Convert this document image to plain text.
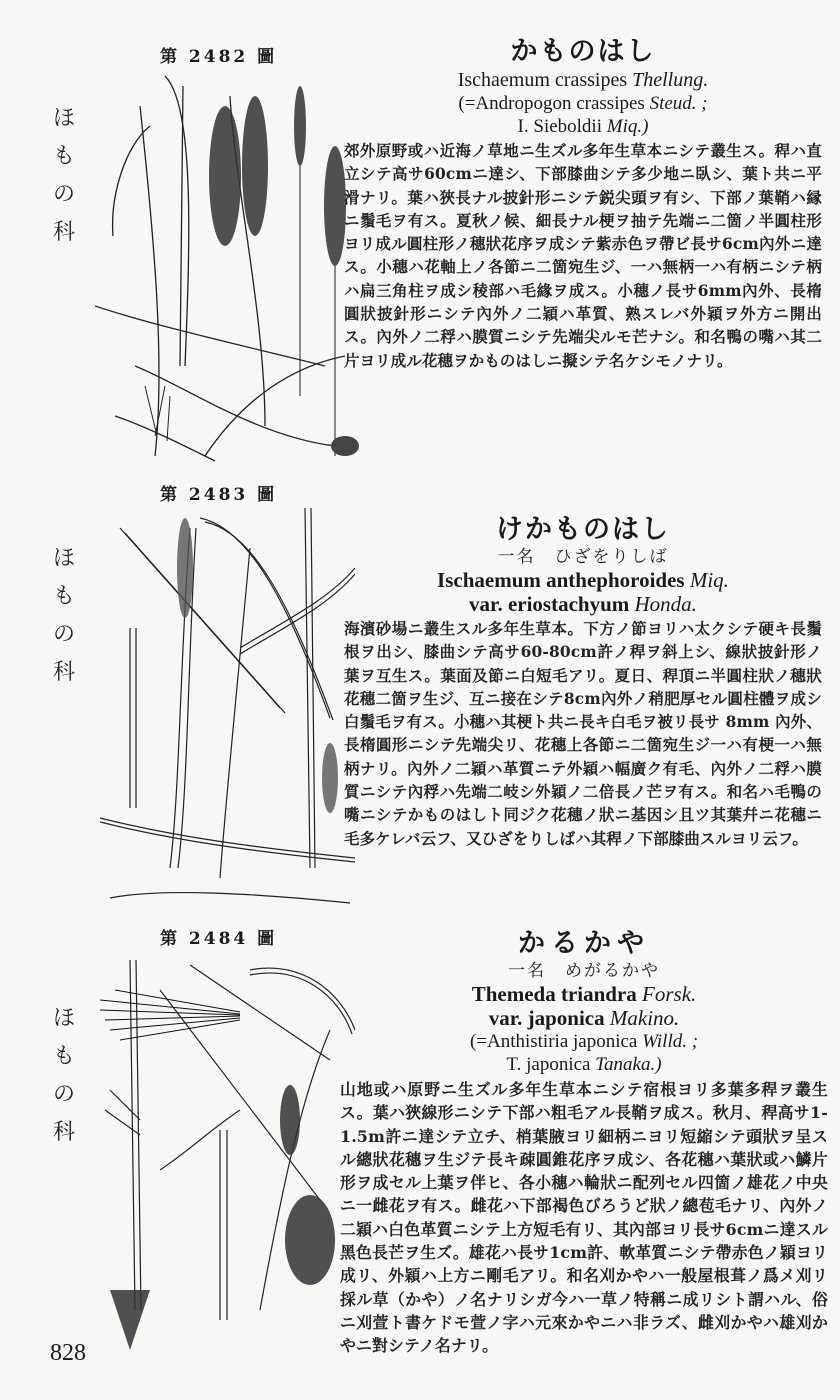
第 2482 圖
ほもの科
かものはし
Ischaemum crassipes Thellung.
(=Andropogon crassipes Steud. ;
I. Sieboldii Miq.)
郊外原野或ハ近海ノ草地ニ生ズル多年生草本ニシテ叢生ス。稈ハ直立シテ高サ60cmニ達シ、下部膝曲シテ多少地ニ臥シ、葉ト共ニ平滑ナリ。葉ハ狹長ナル披針形ニシテ鋭尖頭ヲ有シ、下部ノ葉鞘ハ縁ニ鬚毛ヲ有ス。夏秋ノ候、細長ナル梗ヲ抽テ先端ニ二箇ノ半圓柱形ヨリ成ル圓柱形ノ穗狀花序ヲ成シテ紫赤色ヲ帶ビ長サ6cm內外ニ達ス。小穗ハ花軸上ノ各節ニ二箇宛生ジ、一ハ無柄一ハ有柄ニシテ柄ハ扁三角柱ヲ成シ稜部ハ毛緣ヲ成ス。小穗ノ長サ6mm內外、長楕圓狀披針形ニシテ內外ノ二穎ハ革質、熟スレバ外穎ヲ外方ニ開出ス。內外ノ二稃ハ膜質ニシテ先端尖ルモ芒ナシ。和名鴨の嘴ハ其二片ヨリ成ル花穗ヲかものはしニ擬シテ名ケシモノナリ。
第 2483 圖
ほもの科
けかものはし
一名　ひざをりしば
Ischaemum anthephoroides Miq.
var. eriostachyum Honda.
海濱砂場ニ叢生スル多年生草本。下方ノ節ヨリハ太クシテ硬キ長鬚根ヲ出シ、膝曲シテ高サ60-80cm許ノ稈ヲ斜上シ、線狀披針形ノ葉ヲ互生ス。葉面及節ニ白短毛アリ。夏日、稈頂ニ半圓柱狀ノ穗狀花穗二箇ヲ生ジ、互ニ接在シテ8cm內外ノ稍肥厚セル圓柱體ヲ成シ白鬚毛ヲ有ス。小穗ハ其梗ト共ニ長キ白毛ヲ被リ長サ 8mm 內外、長楕圓形ニシテ先端尖リ、花穗上各節ニ二箇宛生ジ一ハ有梗一ハ無柄ナリ。內外ノ二穎ハ革質ニテ外穎ハ幅廣ク有毛、內外ノ二稃ハ膜質ニシテ內稃ハ先端二岐シ外穎ノ二倍長ノ芒ヲ有ス。和名ハ毛鴨の嘴ニシテかものはしト同ジク花穗ノ狀ニ基因シ且ツ其葉幷ニ花穗ニ毛多ケレバ云フ、又ひざをりしばハ其稈ノ下部膝曲スルヨリ云フ。
第 2484 圖
ほもの科
かるかや
一名　めがるかや
Themeda triandra Forsk.
var. japonica Makino.
(=Anthistiria japonica Willd. ;
T. japonica Tanaka.)
山地或ハ原野ニ生ズル多年生草本ニシテ宿根ヨリ多葉多稈ヲ叢生ス。葉ハ狹線形ニシテ下部ハ粗毛アル長鞘ヲ成ス。秋月、稈高サ1-1.5m許ニ達シテ立チ、梢葉腋ヨリ細柄ニヨリ短縮シテ頭狀ヲ呈スル總狀花穗ヲ生ジテ長キ疎圓錐花序ヲ成シ、各花穗ハ葉狀或ハ鱗片形ヲ成セル上葉ヲ伴ヒ、各小穗ハ輪狀ニ配列セル四箇ノ雄花ノ中央ニ一雌花ヲ有ス。雌花ハ下部褐色びろうど狀ノ總苞毛ナリ、內外ノ二穎ハ白色革質ニシテ上方短毛有リ、其內部ヨリ長サ6cmニ達スル黑色長芒ヲ生ズ。雄花ハ長サ1cm許、軟革質ニシテ帶赤色ノ穎ヨリ成リ、外穎ハ上方ニ剛毛アリ。和名刈かやハ一般屋根葺ノ爲メ刈リ採ル草（かや）ノ名ナリシガ今ハ一草ノ特稱ニ成リシト謂ハル、俗ニ刈萱ト書ケドモ萱ノ字ハ元來かやニハ非ラズ、雌刈かやハ雄刈かやニ對シテノ名ナリ。
828
